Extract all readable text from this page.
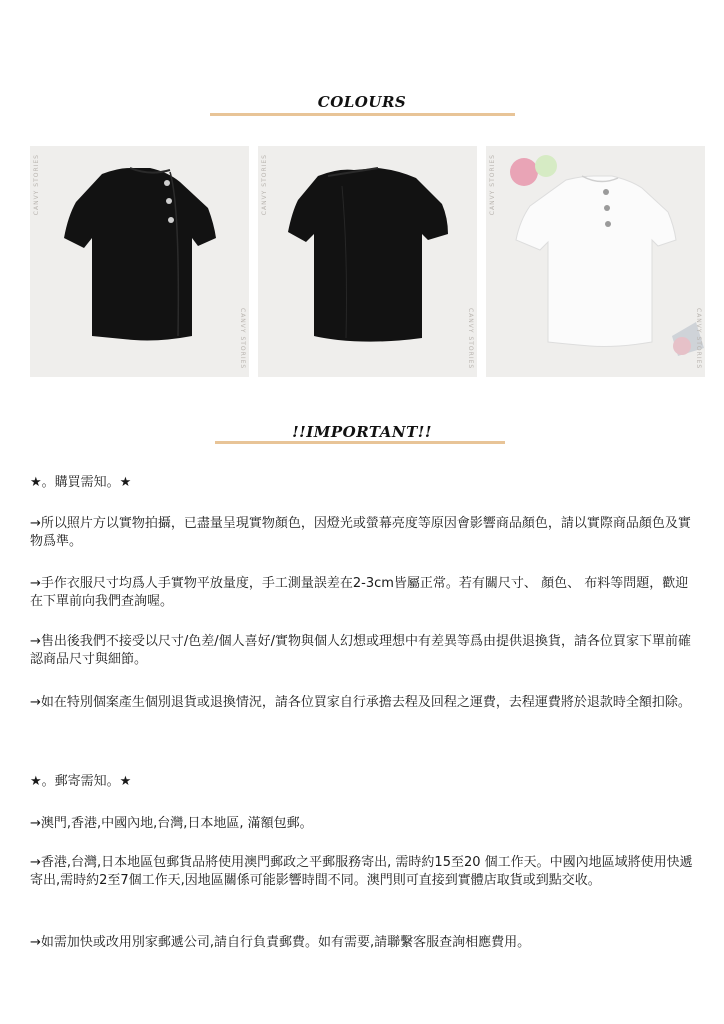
COLOURS
CANVY STORIES
CANVY STORIES
CANVY STORIES
CANVY STORIES
CANVY STORIES
CANVY STORIES
!!IMPORTANT!!
★。購買需知。★
→所以照片方以實物拍攝，已盡量呈現實物顏色，因燈光或螢幕亮度等原因會影響商品顏色，請以實際商品顏色及實物爲準。
→手作衣服尺寸均爲人手實物平放量度，手工測量誤差在2-3cm皆屬正常。若有關尺寸、 顏色、 布料等問題，歡迎在下單前向我們查詢喔。
→售出後我們不接受以尺寸/色差/個人喜好/實物與個人幻想或理想中有差異等爲由提供退換貨，請各位買家下單前確認商品尺寸與細節。
→如在特別個案產生個別退貨或退換情況，請各位買家自行承擔去程及回程之運費，去程運費將於退款時全額扣除。
★。郵寄需知。★
→澳門,香港,中國內地,台灣,日本地區, 滿額包郵。
→香港,台灣,日本地區包郵貨品將使用澳門郵政之平郵服務寄出, 需時約15至20 個工作天。中國內地區域將使用快遞寄出,需時約2至7個工作天,因地區關係可能影響時間不同。澳門則可直接到實體店取貨或到點交收。
→如需加快或改用別家郵遞公司,請自行負責郵費。如有需要,請聯繫客服查詢相應費用。
